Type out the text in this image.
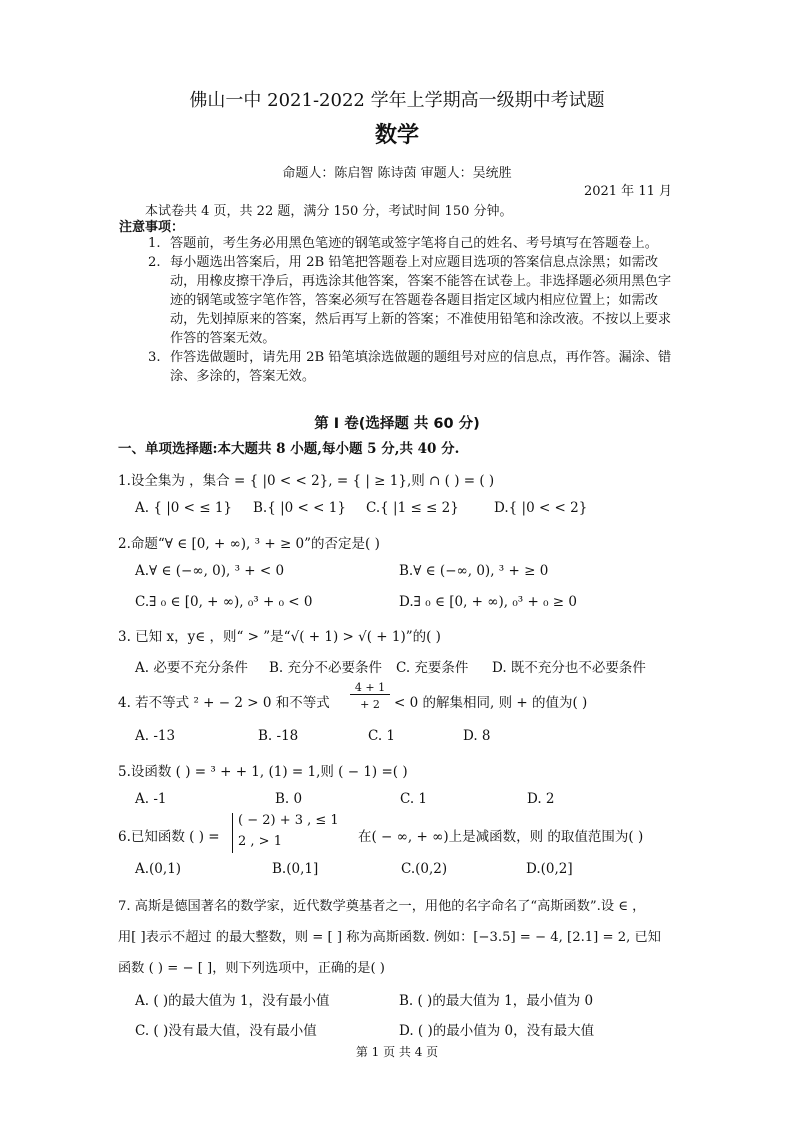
佛山一中 2021-2022 学年上学期高一级期中考试题
数学
命题人：陈启智 陈诗茵 审题人：吴统胜
2021 年 11 月
本试卷共 4 页，共 22 题，满分 150 分，考试时间 150 分钟。
注意事项：
1. 答题前，考生务必用黑色笔迹的钢笔或签字笔将自己的姓名、考号填写在答题卷上。
2. 每小题选出答案后，用 2B 铅笔把答题卷上对应题目选项的答案信息点涂黑；如需改动，用橡皮擦干净后，再选涂其他答案，答案不能答在试卷上。非选择题必须用黑色字迹的钢笔或签字笔作答，答案必须写在答题卷各题目指定区域内相应位置上；如需改动，先划掉原来的答案，然后再写上新的答案；不准使用铅笔和涂改液。不按以上要求作答的答案无效。
3. 作答选做题时，请先用 2B 铅笔填涂选做题的题组号对应的信息点，再作答。漏涂、错涂、多涂的，答案无效。
第 Ⅰ 卷(选择题 共 60 分)
一、单项选择题:本大题共 8 小题,每小题 5 分,共 40 分.
1.设全集为 ，集合 = { |0 < < 2}, = { | ≥ 1},则 ∩ ( ) = ( )
A. { |0 < ≤ 1} B.{ |0 < < 1} C.{ |1 ≤ ≤ 2}	D.{ |0 < < 2}
2.命题“∀ ∈ [0, + ∞), ³ + ≥ 0”的否定是( )
A.∀ ∈ (−∞, 0), ³ + < 0	B.∀ ∈ (−∞, 0), ³ + ≥ 0
C.∃ ₀ ∈ [0, + ∞), ₀³ + ₀ < 0	D.∃ ₀ ∈ [0, + ∞), ₀³ + ₀ ≥ 0
3. 已知 x，y∈ ，则“ > ”是“√( + 1) > √( + 1)”的( )
A. 必要不充分条件 B. 充分不必要条件 C. 充要条件 D. 既不充分也不必要条件
4. 若不等式 ² + − 2 > 0 和不等式
4 + 1
+ 2	< 0 的解集相同, 则 + 的值为( )
A. -13	B. -18	C. 1	D. 8
5.设函数 ( ) = ³ + + 1, (1) = 1,则 ( − 1) =( )
A. -1	B. 0	C. 1	D. 2
6.已知函数 ( ) =
( − 2) + 3 , ≤ 1
2 , > 1	在( − ∞, + ∞)上是减函数，则 的取值范围为( )
A.(0,1)	B.(0,1]	C.(0,2)	D.(0,2]
7. 高斯是德国著名的数学家，近代数学奠基者之一，用他的名字命名了“高斯函数”.设 ∈ ，
用[ ]表示不超过 的最大整数，则 = [ ] 称为高斯函数. 例如：[−3.5] = − 4, [2.1] = 2, 已知
函数 ( ) = − [ ]，则下列选项中，正确的是( )
A. ( )的最大值为 1，没有最小值	B. ( )的最大值为 1，最小值为 0
C. ( )没有最大值，没有最小值	D. ( )的最小值为 0，没有最大值
第 1 页 共 4 页
